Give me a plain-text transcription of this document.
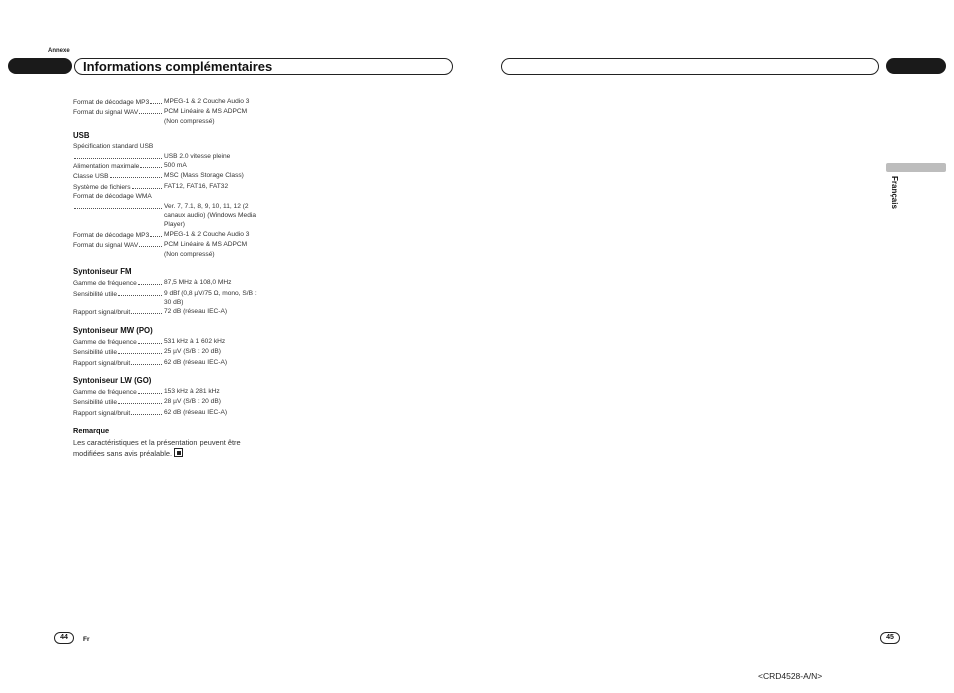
Annexe
Informations complémentaires
Français
Format de décodage MP3 MPEG-1 & 2 Couche Audio 3
Format du signal WAV	PCM Linéaire & MS ADPCM (Non compressé)
USB
Spécification standard USB
USB 2.0 vitesse pleine
Alimentation maximale	500 mA
Classe USB	MSC (Mass Storage Class)
Système de fichiers	FAT12, FAT16, FAT32
Format de décodage WMA
Ver. 7, 7.1, 8, 9, 10, 11, 12 (2 canaux audio) (Windows Media Player)
Format de décodage MP3 MPEG-1 & 2 Couche Audio 3
Format du signal WAV	PCM Linéaire & MS ADPCM (Non compressé)
Syntoniseur FM
Gamme de fréquence	87,5 MHz à 108,0 MHz
Sensibilité utile	9 dBf (0,8 µV/75 Ω, mono, S/B : 30 dB)
Rapport signal/bruit	72 dB (réseau IEC-A)
Syntoniseur MW (PO)
Gamme de fréquence	531 kHz à 1 602 kHz
Sensibilité utile	25 µV (S/B : 20 dB)
Rapport signal/bruit	62 dB (réseau IEC-A)
Syntoniseur LW (GO)
Gamme de fréquence	153 kHz à 281 kHz
Sensibilité utile	28 µV (S/B : 20 dB)
Rapport signal/bruit	62 dB (réseau IEC-A)
Remarque

Les caractéristiques et la présentation peuvent être modifiées sans avis préalable.

44	Fr	45
<CRD4528-A/N>
